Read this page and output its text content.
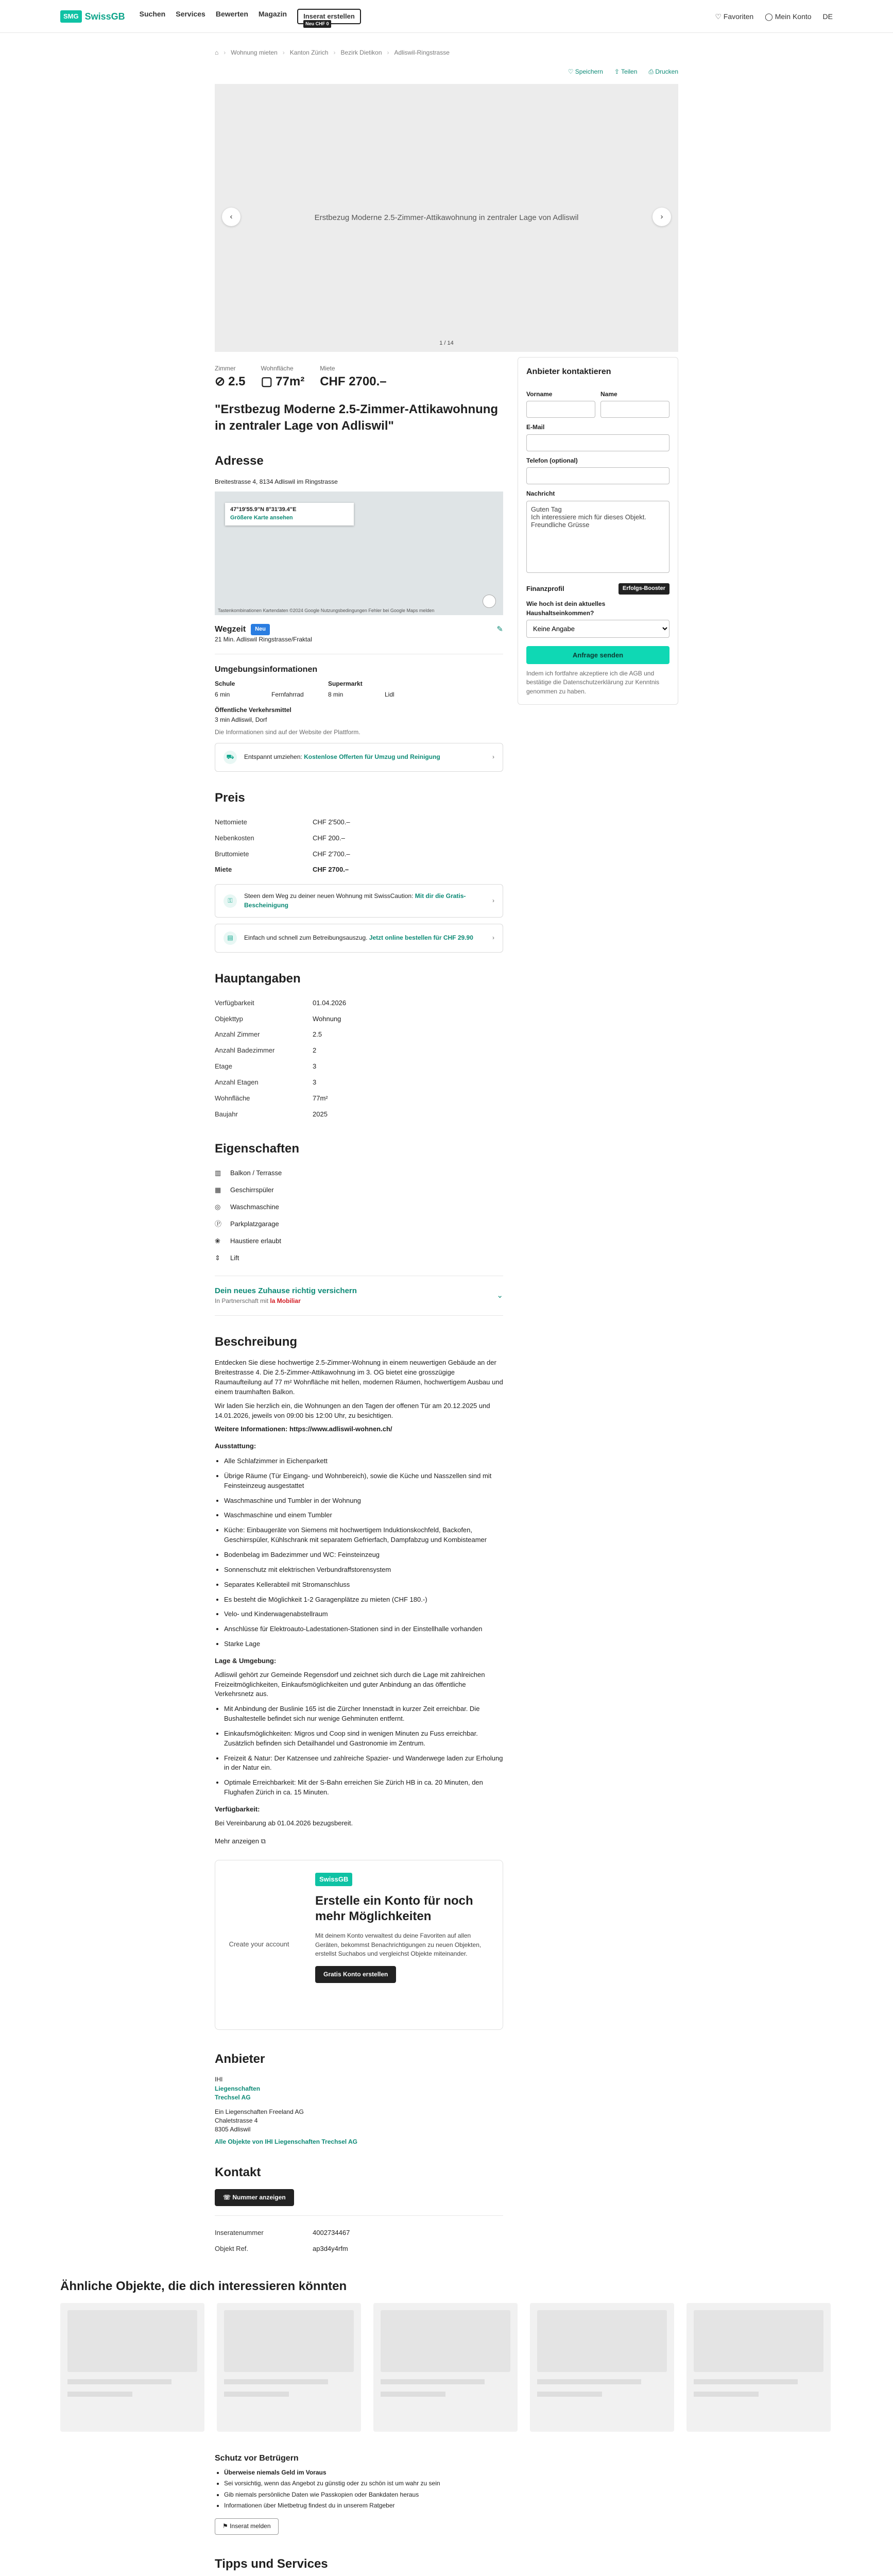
SMG SwissGB Suchen Services Bewerten Magazin	Inserat erstellen
Neu CHF 0
♡ Favoriten ◯ Mein Konto DE
⌂ › Wohnung mieten › Kanton Zürich › Bezirk Dietikon › Adliswil-Ringstrasse
♡ Speichern ⇪ Teilen ⎙ Drucken
Erstbezug Moderne 2.5-Zimmer-Attikawohnung in zentraler Lage von Adliswil
‹	›
1 / 14
Zimmer
⊘ 2.5
Wohnfläche
▢ 77m²
Miete
CHF 2700.–
"Erstbezug Moderne 2.5-Zimmer-Attikawohnung in zentraler Lage von Adliswil"
Adresse
Breitestrasse 4, 8134 Adliswil im Ringstrasse
47°19'55.9"N 8°31'39.4"E
Größere Karte ansehen
Tastenkombinationen Kartendaten ©2024 Google Nutzungsbedingungen Fehler bei Google Maps melden
Wegzeit	Neu	✎
21 Min. Adliswil Ringstrasse/Fraktal
Umgebungsinformationen
Schule	Supermarkt
6 min	Fernfahrrad	8 min	Lidl
Öffentliche Verkehrsmittel
3 min Adliswil, Dorf
Die Informationen sind auf der Website der Plattform.
⛟	Entspannt umziehen: Kostenlose Offerten für Umzug und Reinigung	›
Preis
Nettomiete	CHF 2'500.–
Nebenkosten	CHF 200.–
Bruttomiete	CHF 2'700.–
Miete	CHF 2700.–
⚿
Steen dem Weg zu deiner neuen Wohnung mit SwissCaution: Mit dir die Gratis-Bescheinigung
›
▤	Einfach und schnell zum Betreibungsauszug. Jetzt online bestellen für CHF 29.90	›
Hauptangaben
Verfügbarkeit	01.04.2026
Objekttyp	Wohnung
Anzahl Zimmer	2.5
Anzahl Badezimmer	2
Etage	3
Anzahl Etagen	3
Wohnfläche	77m²
Baujahr	2025
Eigenschaften
▥	Balkon / Terrasse
▦	Geschirrspüler
◎	Waschmaschine
Ⓟ	Parkplatzgarage
❀	Haustiere erlaubt
⇕	Lift
Dein neues Zuhause richtig versichern
In Partnerschaft mit la Mobiliar
⌄
Beschreibung

Entdecken Sie diese hochwertige 2.5-Zimmer-Wohnung in einem neuwertigen Gebäude an der Breitestrasse 4. Die 2.5-Zimmer-Attikawohnung im 3. OG bietet eine grosszügige Raumaufteilung auf 77 m² Wohnfläche mit hellen, modernen Räumen, hochwertigem Ausbau und einem traumhaften Balkon.

Wir laden Sie herzlich ein, die Wohnungen an den Tagen der offenen Tür am 20.12.2025 und 14.01.2026, jeweils von 09:00 bis 12:00 Uhr, zu besichtigen.

Weitere Informationen: https://www.adliswil-wohnen.ch/

Ausstattung:
• Alle Schlafzimmer in Eichenparkett
• Übrige Räume (Tür Eingang- und Wohnbereich), sowie die Küche und Nasszellen sind mit Feinsteinzeug ausgestattet
• Waschmaschine und Tumbler in der Wohnung
• Waschmaschine und einem Tumbler
• Küche: Einbaugeräte von Siemens mit hochwertigem Induktionskochfeld, Backofen, Geschirrspüler, Kühlschrank mit separatem Gefrierfach, Dampfabzug und Kombisteamer
• Bodenbelag im Badezimmer und WC: Feinsteinzeug
• Sonnenschutz mit elektrischen Verbundraffstorensystem
• Separates Kellerabteil mit Stromanschluss
• Es besteht die Möglichkeit 1-2 Garagenplätze zu mieten (CHF 180.-)
• Velo- und Kinderwagenabstellraum
• Anschlüsse für Elektroauto-Ladestationen-Stationen sind in der Einstellhalle vorhanden
• Starke Lage
Lage & Umgebung:

Adliswil gehört zur Gemeinde Regensdorf und zeichnet sich durch die Lage mit zahlreichen Freizeitmöglichkeiten, Einkaufsmöglichkeiten und guter Anbindung an das öffentliche Verkehrsnetz aus.

• Mit Anbindung der Buslinie 165 ist die Zürcher Innenstadt in kurzer Zeit erreichbar. Die Bushaltestelle befindet sich nur wenige Gehminuten entfernt.
• Einkaufsmöglichkeiten: Migros und Coop sind in wenigen Minuten zu Fuss erreichbar. Zusätzlich befinden sich Detailhandel und Gastronomie im Zentrum.
• Freizeit & Natur: Der Katzensee und zahlreiche Spazier- und Wanderwege laden zur Erholung in der Natur ein.
• Optimale Erreichbarkeit: Mit der S-Bahn erreichen Sie Zürich HB in ca. 20 Minuten, den Flughafen Zürich in ca. 15 Minuten.
Verfügbarkeit:

Bei Vereinbarung ab 01.04.2026 bezugsbereit.

Mehr anzeigen ⧉

Create your account
SwissGB
Erstelle ein Konto für noch mehr Möglichkeiten

Mit deinem Konto verwaltest du deine Favoriten auf allen Geräten, bekommst Benachrichtigungen zu neuen Objekten, erstellst Suchabos und vergleichst Objekte miteinander.

Gratis Konto erstellen
Anbieter
IHI
Liegenschaften
Trechsel AG
Ein Liegenschaften Freeland AG
Chaletstrasse 4
8305 Adliswil
Alle Objekte von IHI Liegenschaften Trechsel AG
Kontakt
☏ Nummer anzeigen
Inseratenummer	4002734467
Objekt Ref.	ap3d4y4rfm
Anbieter kontaktieren
Vorname	Name
E-Mail
Telefon (optional)
Nachricht
Guten Tag Ich interessiere mich für dieses Objekt. Freundliche Grüsse
Finanzprofil	Erfolgs-Booster
Wie hoch ist dein aktuelles Haushaltseinkommen?
Keine Angabe Anfrage senden

Indem ich fortfahre akzeptiere ich die AGB und bestätige die Datenschutzerklärung zur Kenntnis genommen zu haben.

Ähnliche Objekte, die dich interessieren könnten
Schutz vor Betrügern
• Überweise niemals Geld im Voraus
• Sei vorsichtig, wenn das Angebot zu günstig oder zu schön ist um wahr zu sein
• Gib niemals persönliche Daten wie Passkopien oder Bankdaten heraus
• Informationen über Mietbetrug findest du in unserem Ratgeber
⚑ Inserat melden
Tipps und Services
